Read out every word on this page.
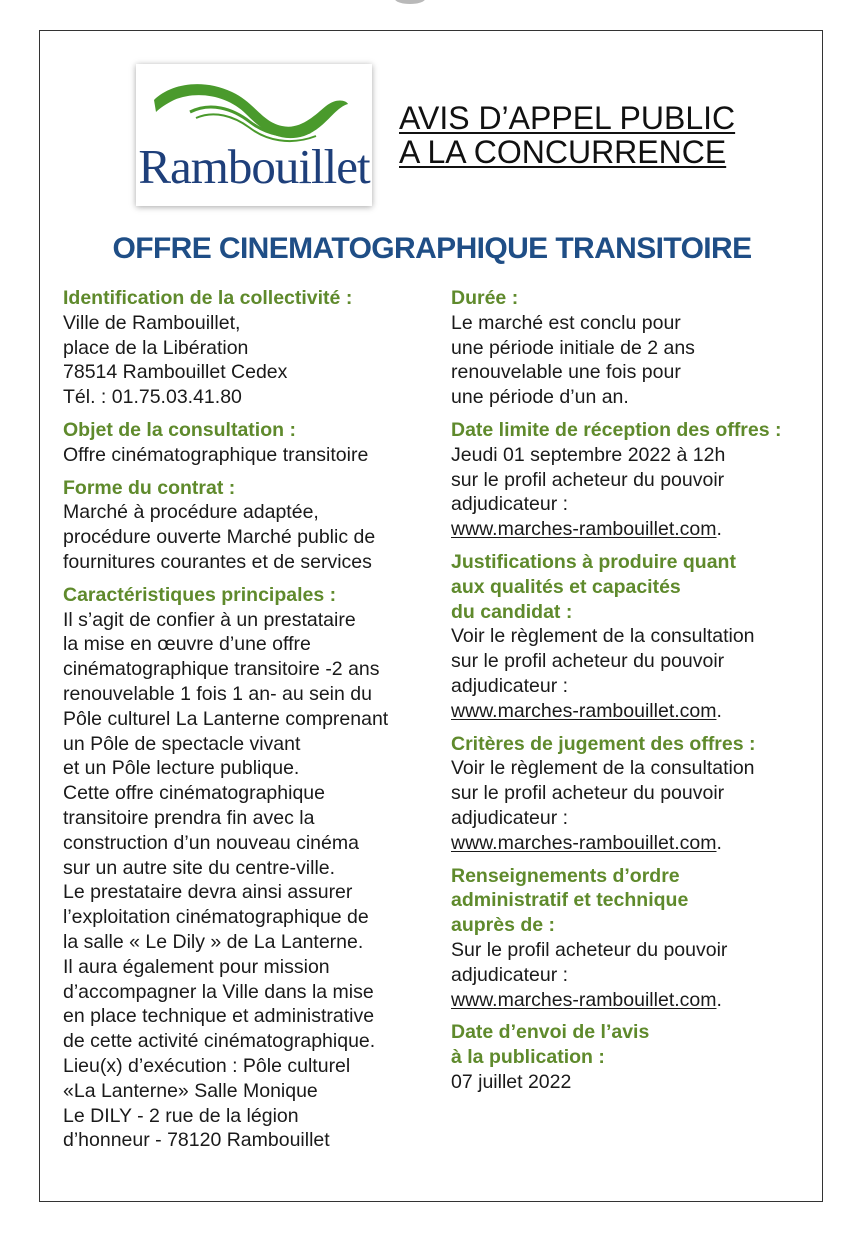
Rambouillet
AVIS D’APPEL PUBLIC
A LA CONCURRENCE
OFFRE CINEMATOGRAPHIQUE TRANSITOIRE
Identification de la collectivité :
Ville de Rambouillet,
place de la Libération
78514 Rambouillet Cedex
Tél. : 01.75.03.41.80
Objet de la consultation :
Offre cinématographique transitoire
Forme du contrat :
Marché à procédure adaptée,
procédure ouverte Marché public de
fournitures courantes et de services
Caractéristiques principales :
Il s’agit de confier à un prestataire
la mise en œuvre d’une offre
cinématographique transitoire -2 ans
renouvelable 1 fois 1 an- au sein du
Pôle culturel La Lanterne comprenant
un Pôle de spectacle vivant
et un Pôle lecture publique.
Cette offre cinématographique
transitoire prendra fin avec la
construction d’un nouveau cinéma
sur un autre site du centre-ville.
Le prestataire devra ainsi assurer
l’exploitation cinématographique de
la salle « Le Dily » de La Lanterne.
Il aura également pour mission
d’accompagner la Ville dans la mise
en place technique et administrative
de cette activité cinématographique.
Lieu(x) d’exécution : Pôle culturel
«La Lanterne» Salle Monique
Le DILY - 2 rue de la légion
d’honneur - 78120 Rambouillet
Durée :
Le marché est conclu pour
une période initiale de 2 ans
renouvelable une fois pour
une période d’un an.
Date limite de réception des offres :
Jeudi 01 septembre 2022 à 12h
sur le profil acheteur du pouvoir
adjudicateur :
www.marches-rambouillet.com.
Justifications à produire quant
aux qualités et capacités
du candidat :
Voir le règlement de la consultation
sur le profil acheteur du pouvoir
adjudicateur :
www.marches-rambouillet.com.
Critères de jugement des offres :
Voir le règlement de la consultation
sur le profil acheteur du pouvoir
adjudicateur :
www.marches-rambouillet.com.
Renseignements d’ordre
administratif et technique
auprès de :
Sur le profil acheteur du pouvoir
adjudicateur :
www.marches-rambouillet.com.
Date d’envoi de l’avis
à la publication :
07 juillet 2022
